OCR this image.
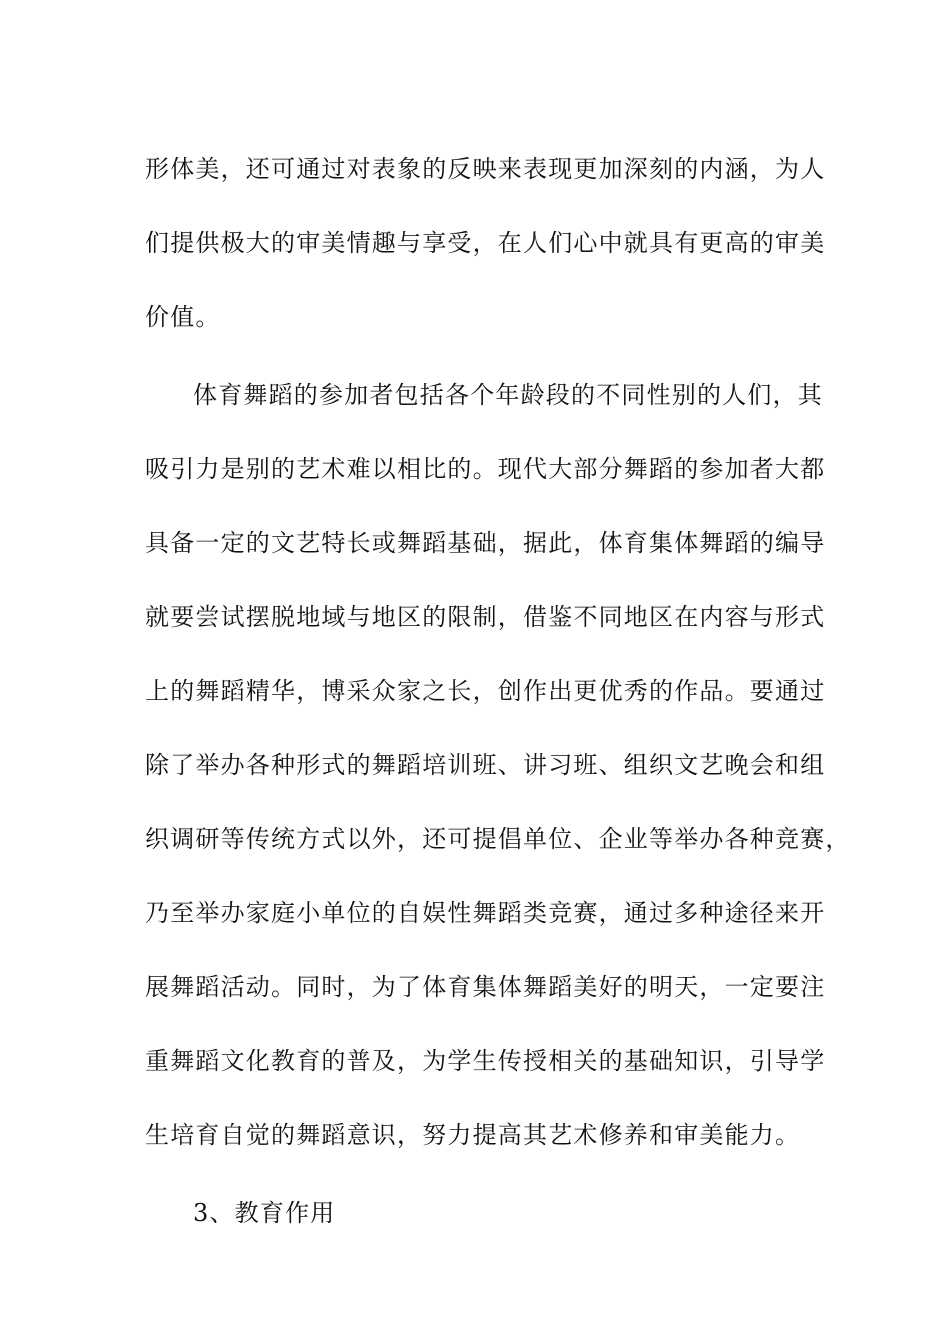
形体美，还可通过对表象的反映来表现更加深刻的内涵，为人
们提供极大的审美情趣与享受，在人们心中就具有更高的审美
价值。
体育舞蹈的参加者包括各个年龄段的不同性别的人们，其
吸引力是别的艺术难以相比的。现代大部分舞蹈的参加者大都
具备一定的文艺特长或舞蹈基础，据此，体育集体舞蹈的编导
就要尝试摆脱地域与地区的限制，借鉴不同地区在内容与形式
上的舞蹈精华，博采众家之长，创作出更优秀的作品。要通过
除了举办各种形式的舞蹈培训班、讲习班、组织文艺晚会和组
织调研等传统方式以外，还可提倡单位、企业等举办各种竞赛，
乃至举办家庭小单位的自娱性舞蹈类竞赛，通过多种途径来开
展舞蹈活动。同时，为了体育集体舞蹈美好的明天，一定要注
重舞蹈文化教育的普及，为学生传授相关的基础知识，引导学
生培育自觉的舞蹈意识，努力提高其艺术修养和审美能力。
3、教育作用
